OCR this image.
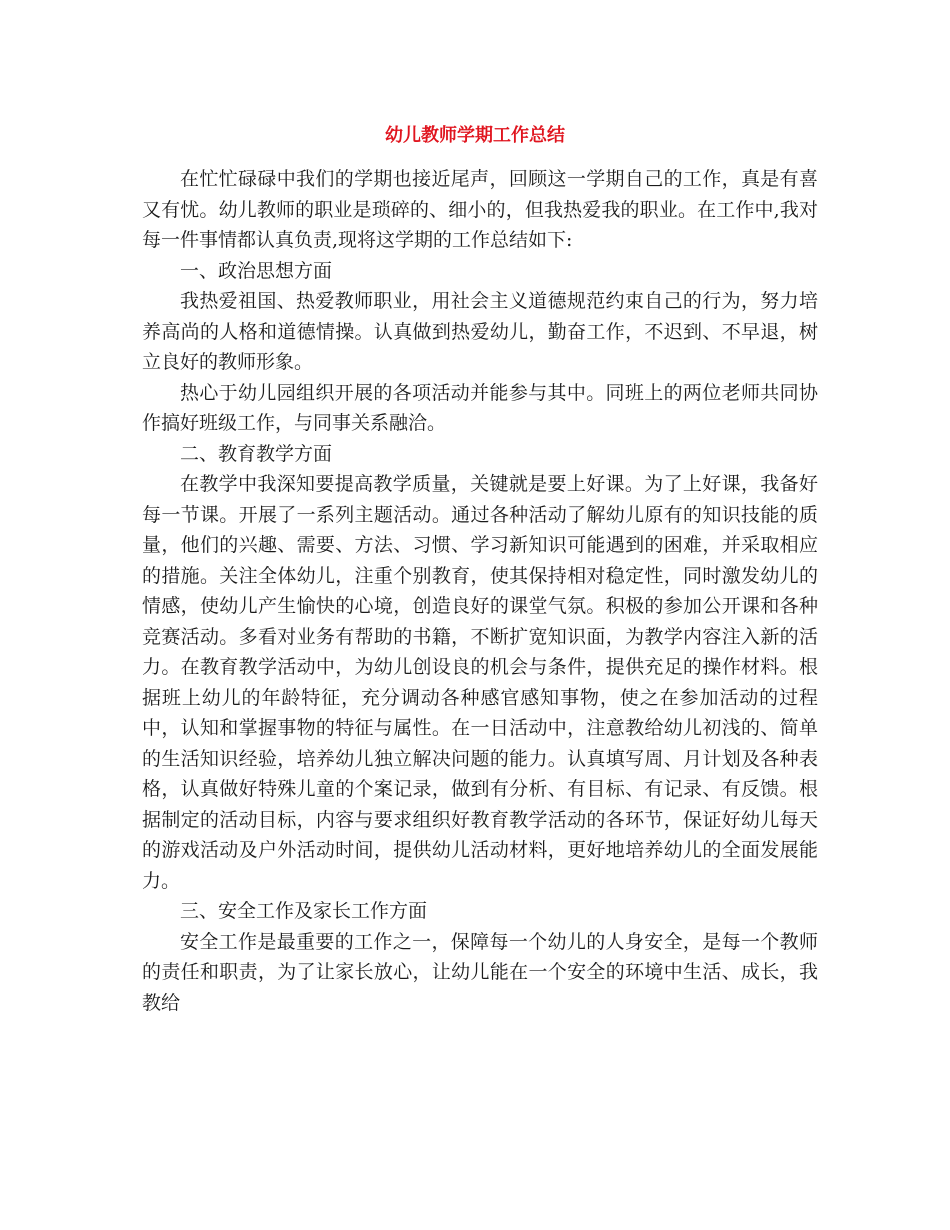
幼儿教师学期工作总结

在忙忙碌碌中我们的学期也接近尾声，回顾这一学期自己的工作，真是有喜又有忧。幼儿教师的职业是琐碎的、细小的，但我热爱我的职业。在工作中,我对每一件事情都认真负责,现将这学期的工作总结如下:

一、政治思想方面

我热爱祖国、热爱教师职业，用社会主义道德规范约束自己的行为，努力培养高尚的人格和道德情操。认真做到热爱幼儿，勤奋工作，不迟到、不早退，树立良好的教师形象。

热心于幼儿园组织开展的各项活动并能参与其中。同班上的两位老师共同协作搞好班级工作，与同事关系融洽。

二、教育教学方面

在教学中我深知要提高教学质量，关键就是要上好课。为了上好课，我备好每一节课。开展了一系列主题活动。通过各种活动了解幼儿原有的知识技能的质量，他们的兴趣、需要、方法、习惯、学习新知识可能遇到的困难，并采取相应的措施。关注全体幼儿，注重个别教育，使其保持相对稳定性，同时激发幼儿的情感，使幼儿产生愉快的心境，创造良好的课堂气氛。积极的参加公开课和各种竞赛活动。多看对业务有帮助的书籍，不断扩宽知识面，为教学内容注入新的活力。在教育教学活动中，为幼儿创设良的机会与条件，提供充足的操作材料。根据班上幼儿的年龄特征，充分调动各种感官感知事物，使之在参加活动的过程中，认知和掌握事物的特征与属性。在一日活动中，注意教给幼儿初浅的、简单的生活知识经验，培养幼儿独立解决问题的能力。认真填写周、月计划及各种表格，认真做好特殊儿童的个案记录，做到有分析、有目标、有记录、有反馈。根据制定的活动目标，内容与要求组织好教育教学活动的各环节，保证好幼儿每天的游戏活动及户外活动时间，提供幼儿活动材料，更好地培养幼儿的全面发展能力。

三、安全工作及家长工作方面

安全工作是最重要的工作之一，保障每一个幼儿的人身安全，是每一个教师的责任和职责，为了让家长放心，让幼儿能在一个安全的环境中生活、成长，我教给
